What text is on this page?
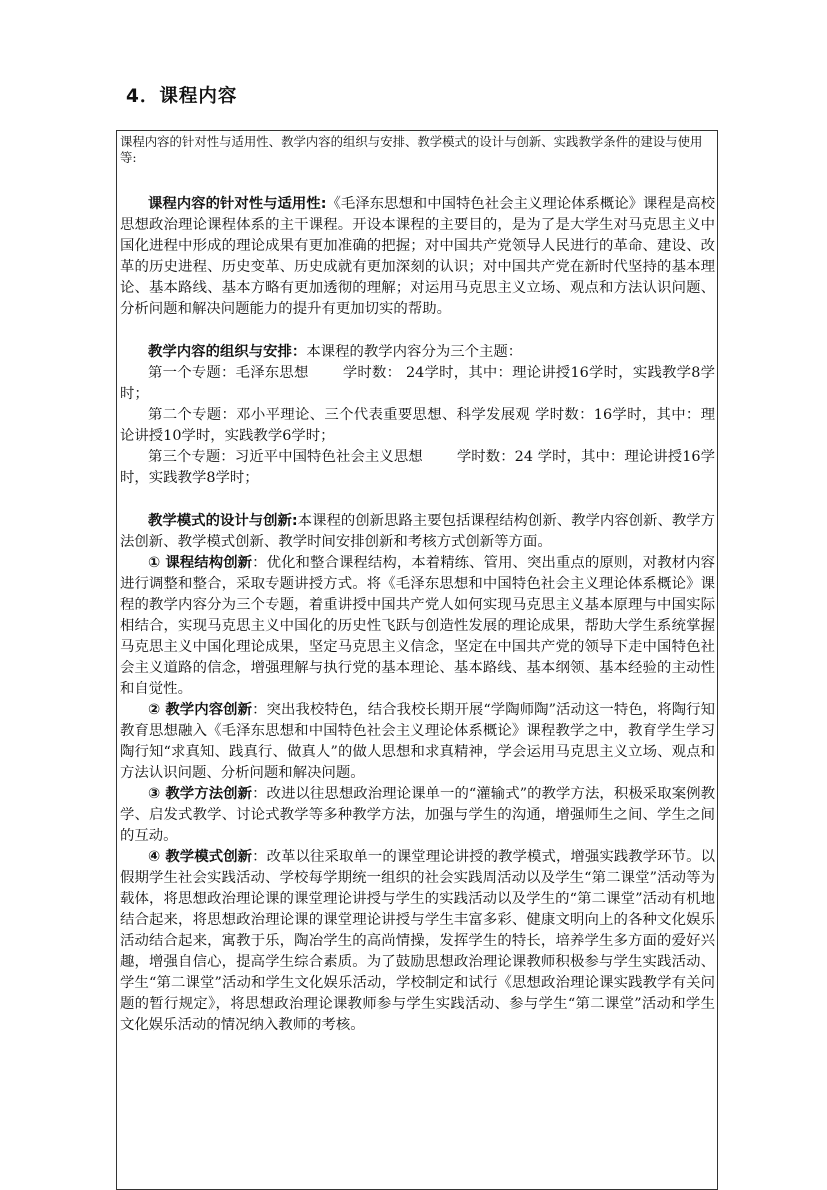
4．课程内容

课程内容的针对性与适用性、教学内容的组织与安排、教学模式的设计与创新、实践教学条件的建设与使用等:

课程内容的针对性与适用性:《毛泽东思想和中国特色社会主义理论体系概论》课程是高校思想政治理论课程体系的主干课程。开设本课程的主要目的，是为了是大学生对马克思主义中国化进程中形成的理论成果有更加准确的把握；对中国共产党领导人民进行的革命、建设、改革的历史进程、历史变革、历史成就有更加深刻的认识；对中国共产党在新时代坚持的基本理论、基本路线、基本方略有更加透彻的理解；对运用马克思主义立场、观点和方法认识问题、分析问题和解决问题能力的提升有更加切实的帮助。

教学内容的组织与安排：本课程的教学内容分为三个主题：

第一个专题：毛泽东思想 学时数： 24学时，其中：理论讲授16学时，实践教学8学时；

第二个专题：邓小平理论、三个代表重要思想、科学发展观 学时数：16学时，其中：理论讲授10学时，实践教学6学时；

第三个专题：习近平中国特色社会主义思想 学时数：24 学时，其中：理论讲授16学时，实践教学8学时；

教学模式的设计与创新:本课程的创新思路主要包括课程结构创新、教学内容创新、教学方法创新、教学模式创新、教学时间安排创新和考核方式创新等方面。

① 课程结构创新：优化和整合课程结构，本着精练、管用、突出重点的原则，对教材内容进行调整和整合，采取专题讲授方式。将《毛泽东思想和中国特色社会主义理论体系概论》课程的教学内容分为三个专题，着重讲授中国共产党人如何实现马克思主义基本原理与中国实际相结合，实现马克思主义中国化的历史性飞跃与创造性发展的理论成果，帮助大学生系统掌握马克思主义中国化理论成果，坚定马克思主义信念，坚定在中国共产党的领导下走中国特色社会主义道路的信念，增强理解与执行党的基本理论、基本路线、基本纲领、基本经验的主动性和自觉性。

② 教学内容创新：突出我校特色，结合我校长期开展“学陶师陶”活动这一特色，将陶行知教育思想融入《毛泽东思想和中国特色社会主义理论体系概论》课程教学之中，教育学生学习陶行知“求真知、践真行、做真人”的做人思想和求真精神，学会运用马克思主义立场、观点和方法认识问题、分析问题和解决问题。

③ 教学方法创新：改进以往思想政治理论课单一的“灌输式”的教学方法，积极采取案例教学、启发式教学、讨论式教学等多种教学方法，加强与学生的沟通，增强师生之间、学生之间的互动。

④ 教学模式创新：改革以往采取单一的课堂理论讲授的教学模式，增强实践教学环节。以假期学生社会实践活动、学校每学期统一组织的社会实践周活动以及学生“第二课堂”活动等为载体，将思想政治理论课的课堂理论讲授与学生的实践活动以及学生的“第二课堂”活动有机地结合起来，将思想政治理论课的课堂理论讲授与学生丰富多彩、健康文明向上的各种文化娱乐活动结合起来，寓教于乐，陶冶学生的高尚情操，发挥学生的特长，培养学生多方面的爱好兴趣，增强自信心，提高学生综合素质。为了鼓励思想政治理论课教师积极参与学生实践活动、学生“第二课堂”活动和学生文化娱乐活动，学校制定和试行《思想政治理论课实践教学有关问题的暂行规定》，将思想政治理论课教师参与学生实践活动、参与学生“第二课堂”活动和学生文化娱乐活动的情况纳入教师的考核。
